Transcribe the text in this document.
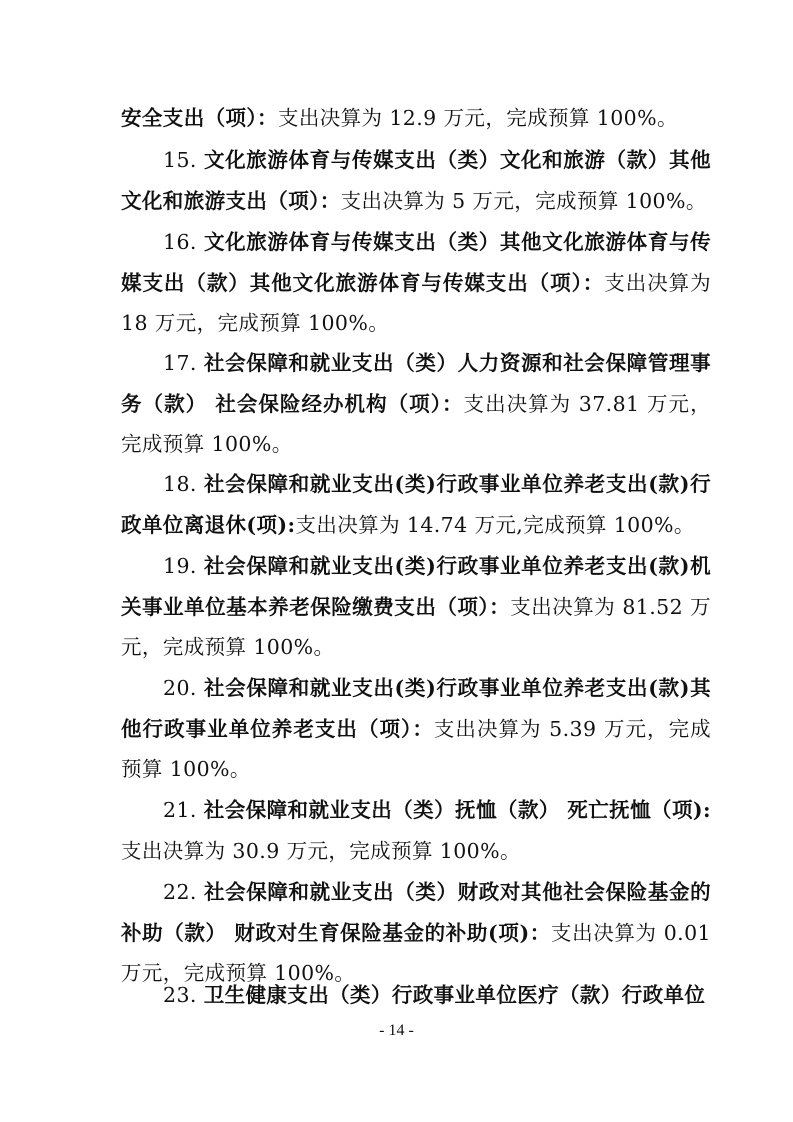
安全支出（项）：支出决算为 12.9 万元，完成预算 100%。
15. 文化旅游体育与传媒支出（类）文化和旅游（款）其他文化和旅游支出（项）：支出决算为 5 万元，完成预算 100%。
16. 文化旅游体育与传媒支出（类）其他文化旅游体育与传媒支出（款）其他文化旅游体育与传媒支出（项）：支出决算为 18 万元，完成预算 100%。
17. 社会保障和就业支出（类）人力资源和社会保障管理事务（款） 社会保险经办机构（项）：支出决算为 37.81 万元，完成预算 100%。
18. 社会保障和就业支出(类)行政事业单位养老支出(款)行政单位离退休(项):支出决算为 14.74 万元,完成预算 100%。
19. 社会保障和就业支出(类)行政事业单位养老支出(款)机关事业单位基本养老保险缴费支出（项）：支出决算为 81.52 万元，完成预算 100%。
20. 社会保障和就业支出(类)行政事业单位养老支出(款)其他行政事业单位养老支出（项）：支出决算为 5.39 万元，完成预算 100%。
21. 社会保障和就业支出（类）抚恤（款） 死亡抚恤（项):支出决算为 30.9 万元，完成预算 100%。
22. 社会保障和就业支出（类）财政对其他社会保险基金的补助（款） 财政对生育保险基金的补助(项)：支出决算为 0.01 万元，完成预算 100%。
23. 卫生健康支出（类）行政事业单位医疗（款）行政单位
- 14 -
